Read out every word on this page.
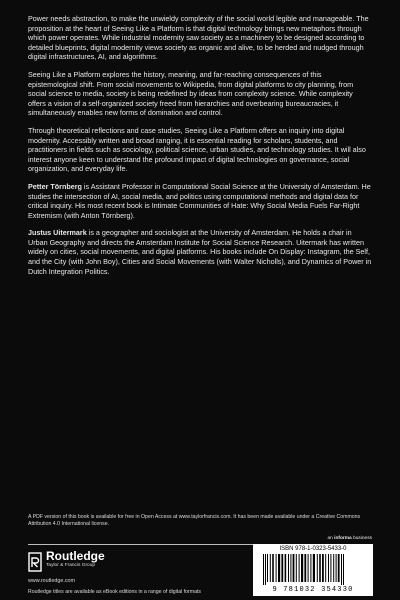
Power needs abstraction, to make the unwieldy complexity of the social world legible and manageable. The proposition at the heart of Seeing Like a Platform is that digital technology brings new metaphors through which power operates. While industrial modernity saw society as a machinery to be designed according to detailed blueprints, digital modernity views society as organic and alive, to be herded and nudged through digital infrastructures, AI, and algorithms.

Seeing Like a Platform explores the history, meaning, and far-reaching consequences of this epistemological shift. From social movements to Wikipedia, from digital platforms to city planning, from social science to media, society is being redefined by ideas from complexity science. While complexity offers a vision of a self-organized society freed from hierarchies and overbearing bureaucracies, it simultaneously enables new forms of domination and control.

Through theoretical reflections and case studies, Seeing Like a Platform offers an inquiry into digital modernity. Accessibly written and broad ranging, it is essential reading for scholars, students, and practitioners in fields such as sociology, political science, urban studies, and technology studies. It will also interest anyone keen to understand the profound impact of digital technologies on governance, social organization, and everyday life.

Petter Törnberg is Assistant Professor in Computational Social Science at the University of Amsterdam. He studies the intersection of AI, social media, and politics using computational methods and digital data for critical inquiry. His most recent book is Intimate Communities of Hate: Why Social Media Fuels Far-Right Extremism (with Anton Törnberg).

Justus Uitermark is a geographer and sociologist at the University of Amsterdam. He holds a chair in Urban Geography and directs the Amsterdam Institute for Social Science Research. Uitermark has written widely on cities, social movements, and digital platforms. His books include On Display: Instagram, the Self, and the City (with John Boy), Cities and Social Movements (with Walter Nicholls), and Dynamics of Power in Dutch Integration Politics.

A PDF version of this book is available for free in Open Access at www.taylorfrancis.com. It has been made available under a Creative Commons Attribution 4.0 International license.
an informa business
Routledge
Taylor & Francis Group
www.routledge.com
Routledge titles are available as eBook editions in a range of digital formats
ISBN 978-1-0323-5433-0
9 781032 354330
